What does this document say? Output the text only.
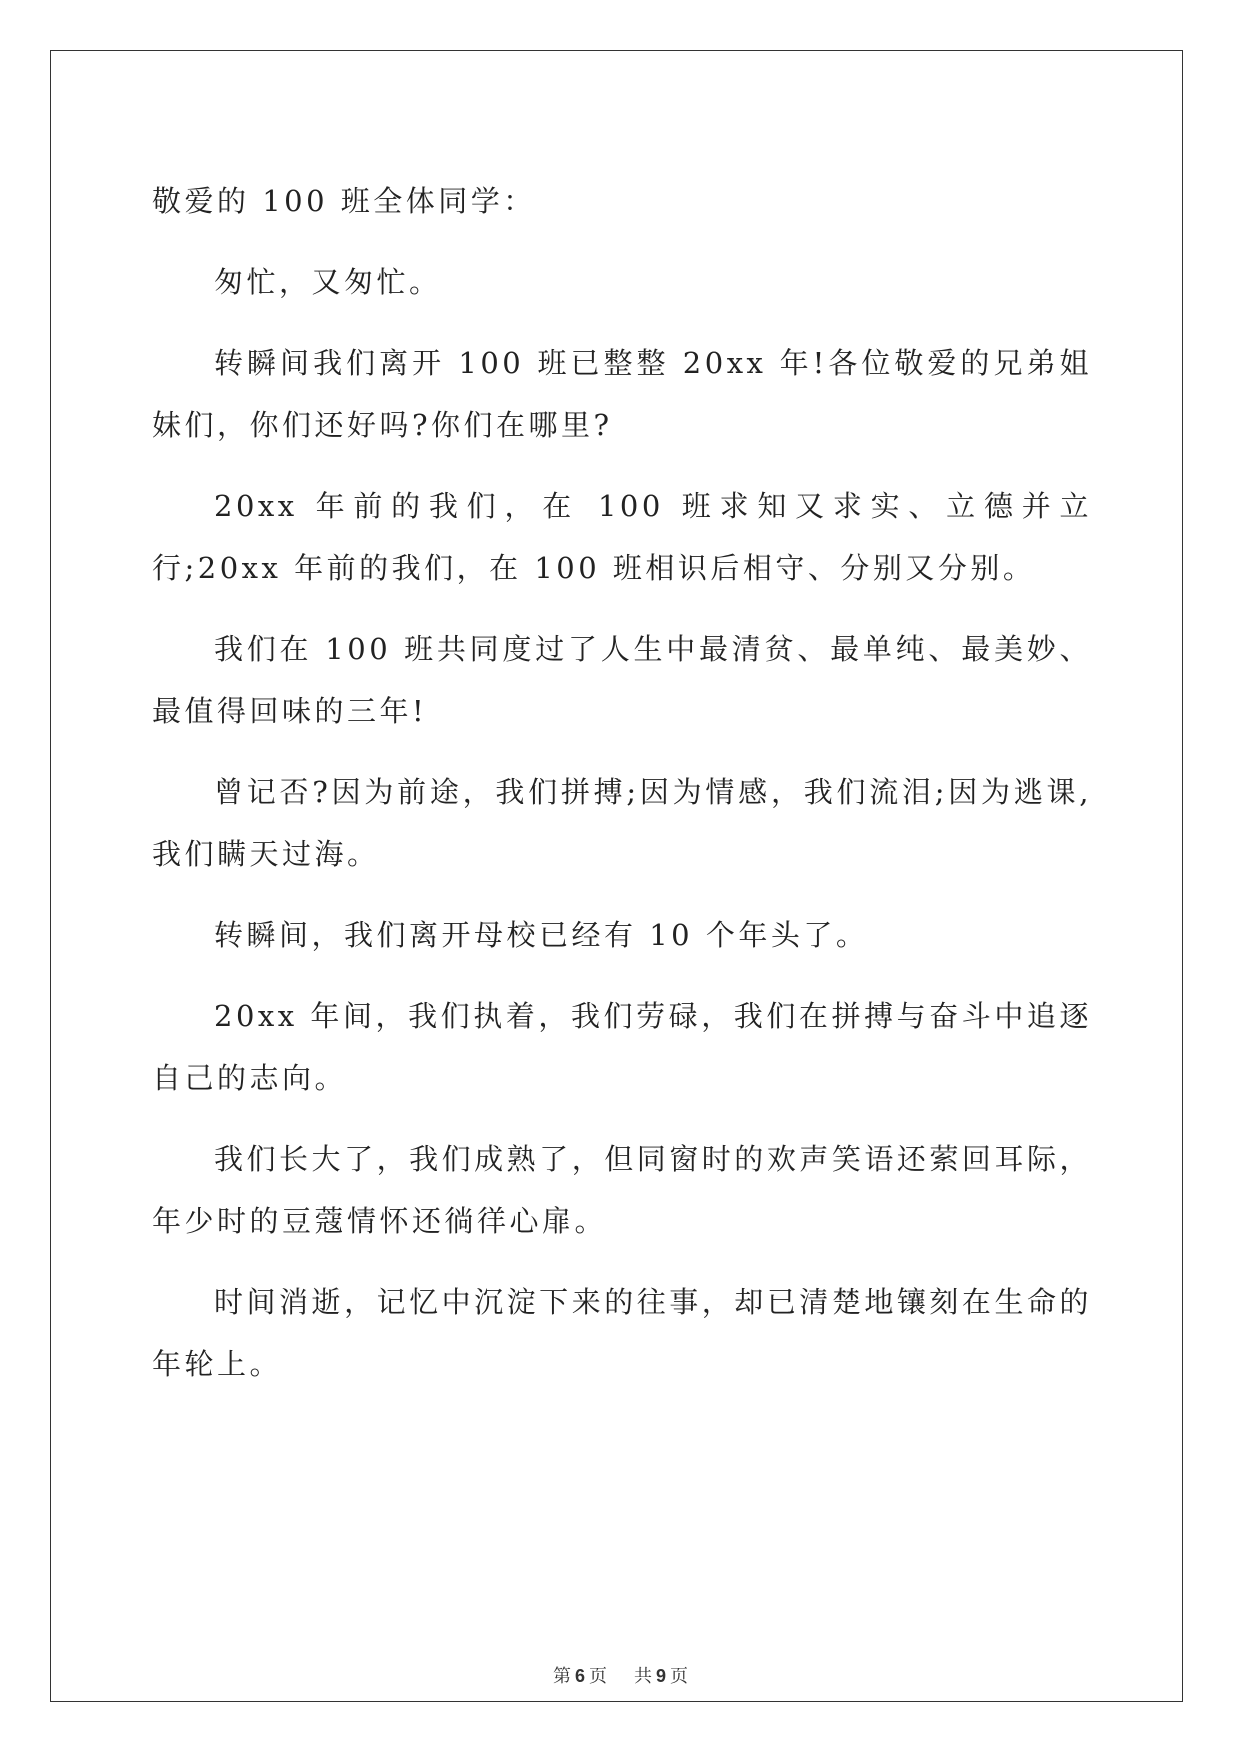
敬爱的 100 班全体同学：

匆忙，又匆忙。

转瞬间我们离开 100 班已整整 20xx 年!各位敬爱的兄弟姐妹们，你们还好吗?你们在哪里?

20xx 年前的我们，在 100 班求知又求实、立德并立行;20xx 年前的我们，在 100 班相识后相守、分别又分别。

我们在 100 班共同度过了人生中最清贫、最单纯、最美妙、最值得回味的三年!

曾记否?因为前途，我们拼搏;因为情感，我们流泪;因为逃课,我们瞒天过海。

转瞬间，我们离开母校已经有 10 个年头了。

20xx 年间，我们执着，我们劳碌，我们在拼搏与奋斗中追逐自己的志向。

我们长大了，我们成熟了，但同窗时的欢声笑语还萦回耳际，年少时的豆蔻情怀还徜徉心扉。

时间消逝，记忆中沉淀下来的往事，却已清楚地镶刻在生命的年轮上。

第 6 页 共 9 页
